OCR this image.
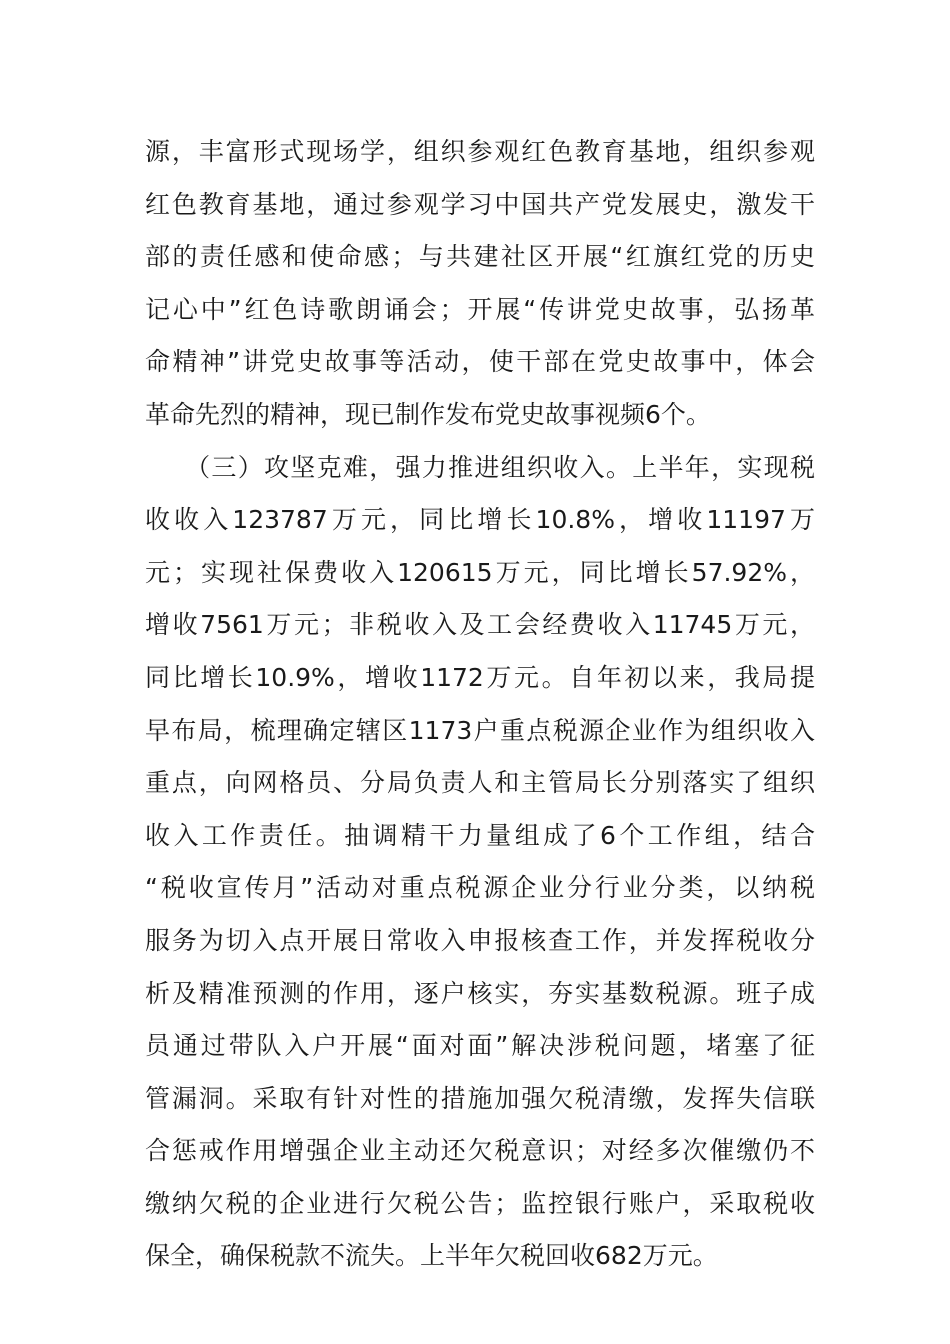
源，丰富形式现场学，组织参观红色教育基地，组织参观
红色教育基地，通过参观学习中国共产党发展史，激发干
部的责任感和使命感；与共建社区开展“红旗红党的历史
记心中”红色诗歌朗诵会；开展“传讲党史故事，弘扬革
命精神”讲党史故事等活动，使干部在党史故事中，体会
革命先烈的精神，现已制作发布党史故事视频6个。
　　（三）攻坚克难，强力推进组织收入。上半年，实现税
收收入123787万元，同比增长10.8%，增收11197万
元；实现社保费收入120615万元，同比增长57.92%，
增收7561万元；非税收入及工会经费收入11745万元，
同比增长10.9%，增收1172万元。自年初以来，我局提
早布局，梳理确定辖区1173户重点税源企业作为组织收入
重点，向网格员、分局负责人和主管局长分别落实了组织
收入工作责任。抽调精干力量组成了6个工作组，结合
“税收宣传月”活动对重点税源企业分行业分类，以纳税
服务为切入点开展日常收入申报核查工作，并发挥税收分
析及精准预测的作用，逐户核实，夯实基数税源。班子成
员通过带队入户开展“面对面”解决涉税问题，堵塞了征
管漏洞。采取有针对性的措施加强欠税清缴，发挥失信联
合惩戒作用增强企业主动还欠税意识；对经多次催缴仍不
缴纳欠税的企业进行欠税公告；监控银行账户，采取税收
保全，确保税款不流失。上半年欠税回收682万元。
